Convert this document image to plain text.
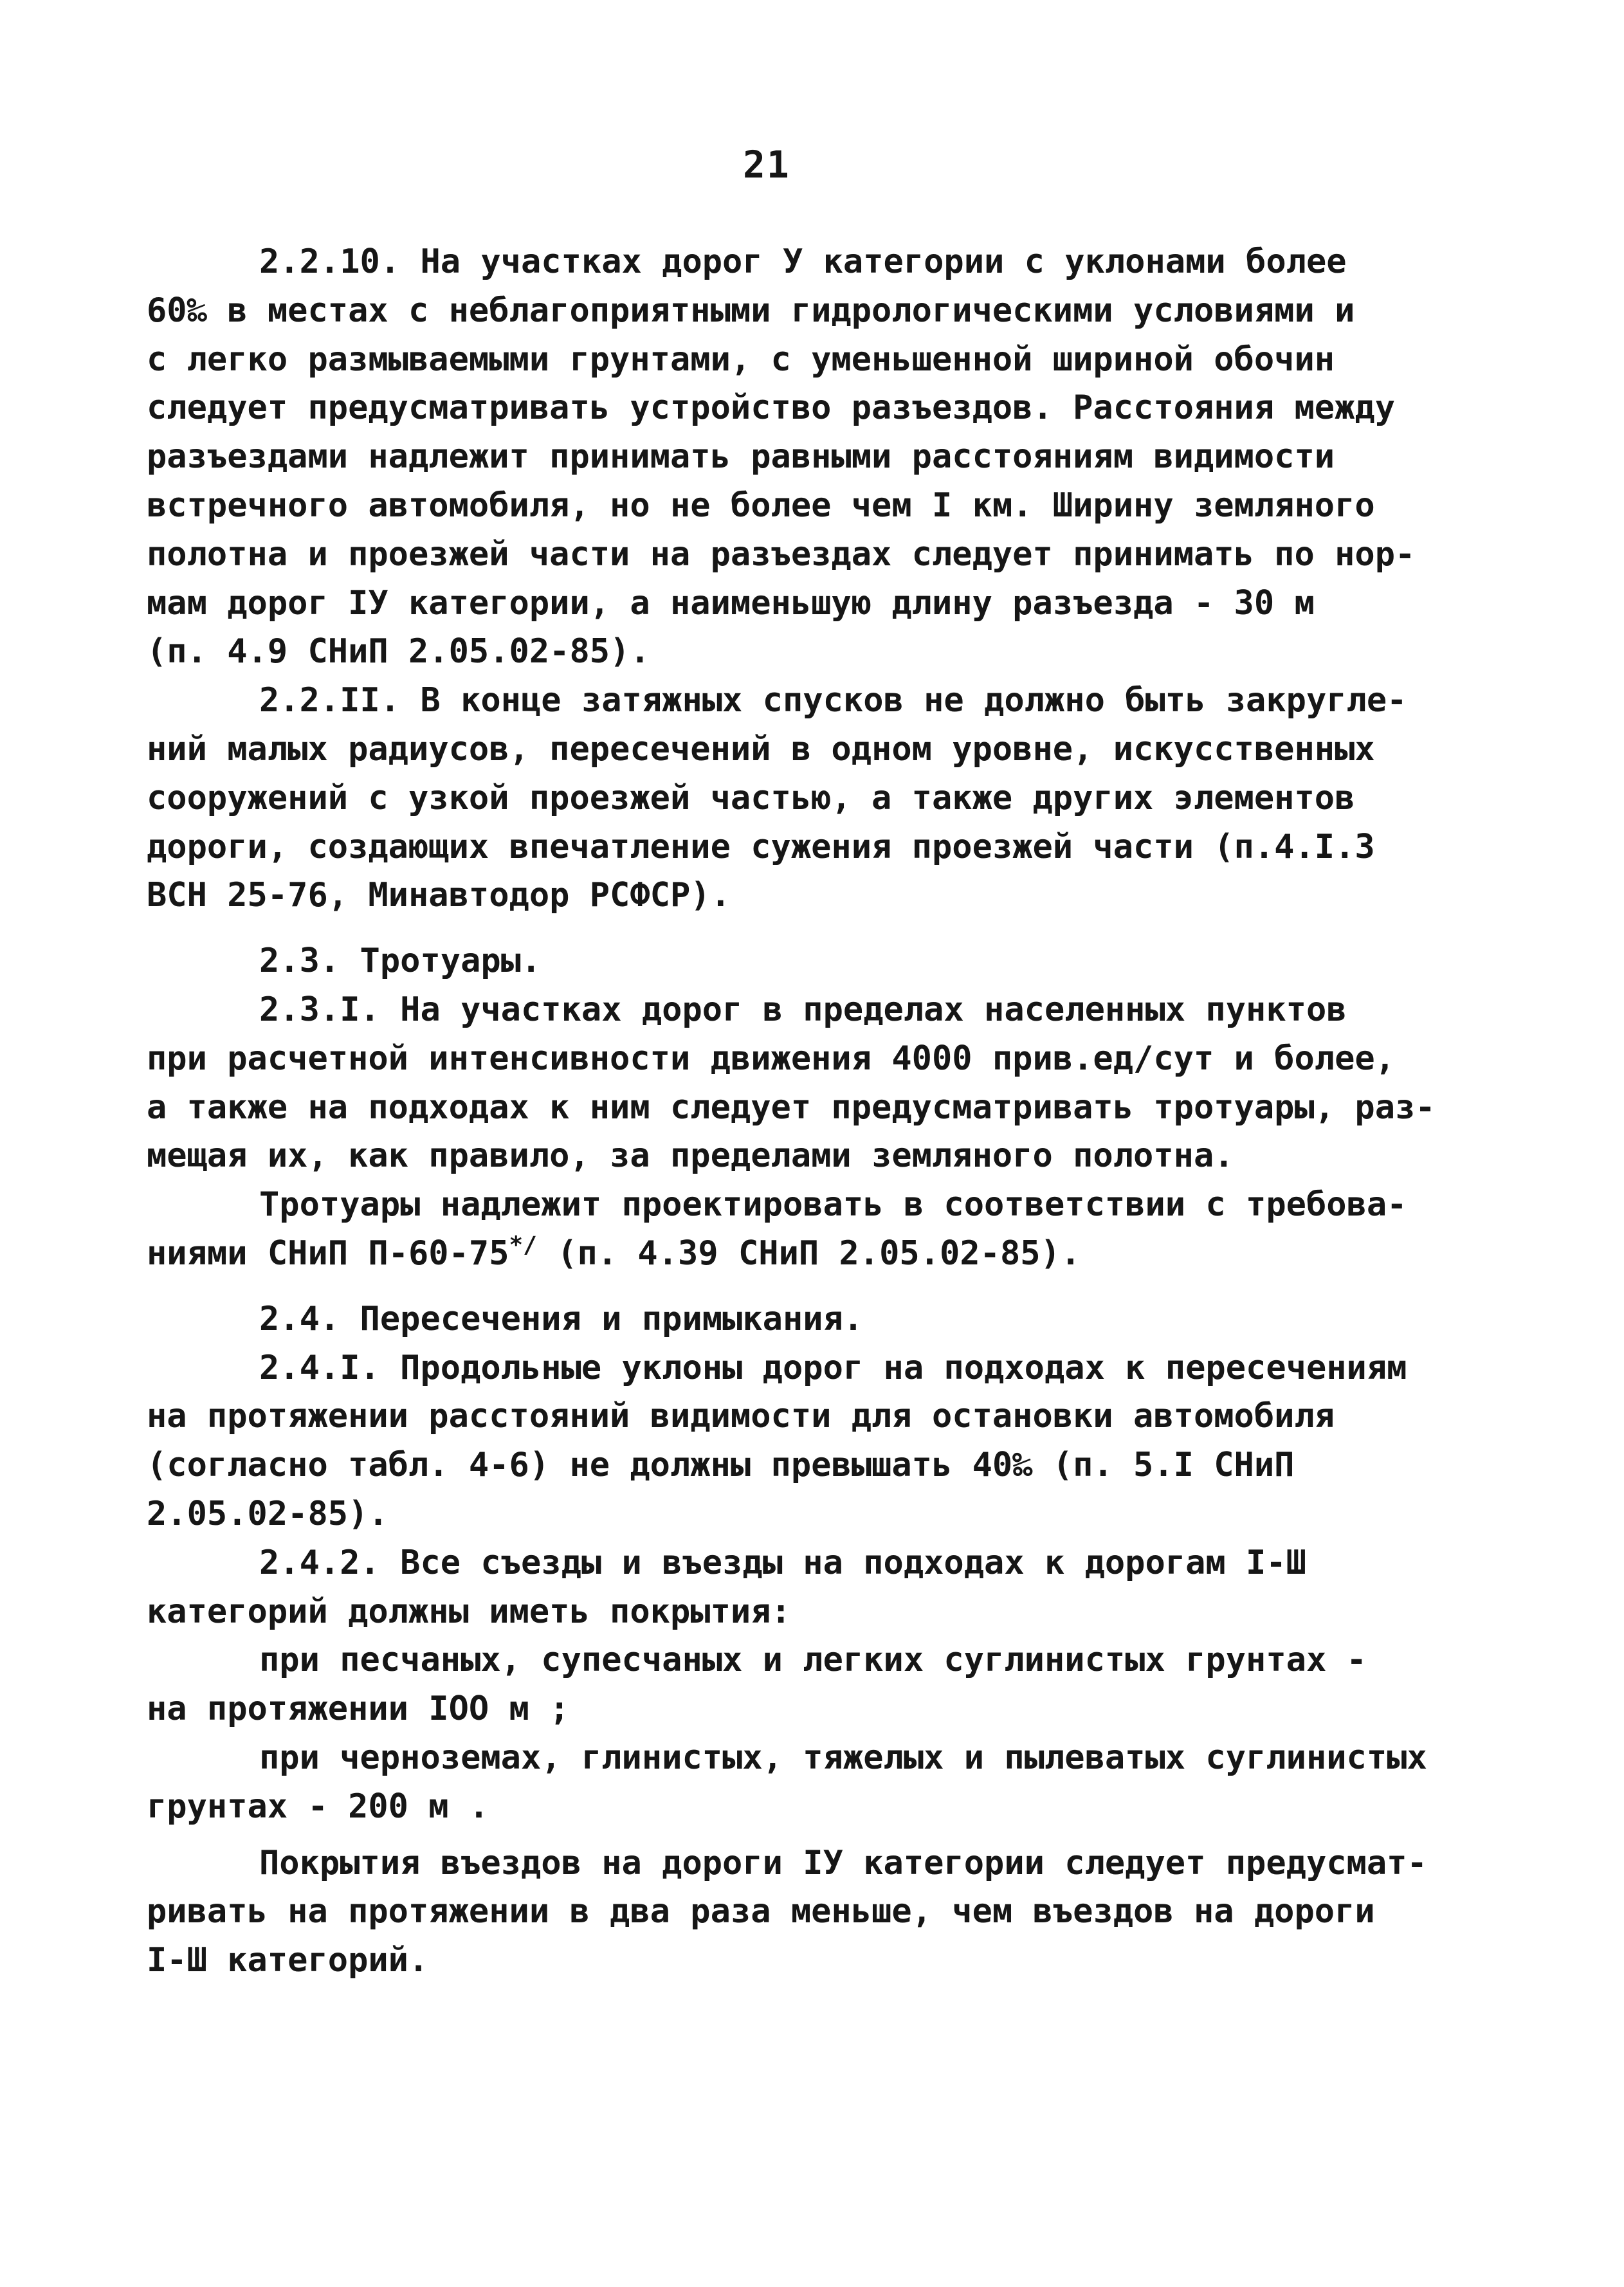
21
2.2.10. На участках дорог У категории с уклонами более
60‰ в местах с неблагоприятными гидрологическими условиями и
с легко размываемыми грунтами, с уменьшенной шириной обочин
следует предусматривать устройство разъездов. Расстояния между
разъездами надлежит принимать равными расстояниям видимости
встречного автомобиля, но не более чем I км. Ширину земляного
полотна и проезжей части на разъездах следует принимать по нор-
мам дорог IУ категории, а наименьшую длину разъезда - 30 м
(п. 4.9 СНиП 2.05.02-85).
2.2.II. В конце затяжных спусков не должно быть закругле-
ний малых радиусов, пересечений в одном уровне, искусственных
сооружений с узкой проезжей частью, а также других элементов
дороги, создающих впечатление сужения проезжей части (п.4.I.3
ВСН 25-76, Минавтодор РСФСР).
2.3. Тротуары.
2.3.I. На участках дорог в пределах населенных пунктов
при расчетной интенсивности движения 4000 прив.ед/сут и более,
а также на подходах к ним следует предусматривать тротуары, раз-
мещая их, как правило, за пределами земляного полотна.
Тротуары надлежит проектировать в соответствии с требова-
ниями СНиП П-60-75*/ (п. 4.39 СНиП 2.05.02-85).
2.4. Пересечения и примыкания.
2.4.I. Продольные уклоны дорог на подходах к пересечениям
на протяжении расстояний видимости для остановки автомобиля
(согласно табл. 4-6) не должны превышать 40‰ (п. 5.I СНиП
2.05.02-85).
2.4.2. Все съезды и въезды на подходах к дорогам I-Ш
категорий должны иметь покрытия:
при песчаных, супесчаных и легких суглинистых грунтах -
на протяжении IOO м ;
при черноземах, глинистых, тяжелых и пылеватых суглинистых
грунтах - 200 м .
Покрытия въездов на дороги IУ категории следует предусмат-
ривать на протяжении в два раза меньше, чем въездов на дороги
I-Ш категорий.
